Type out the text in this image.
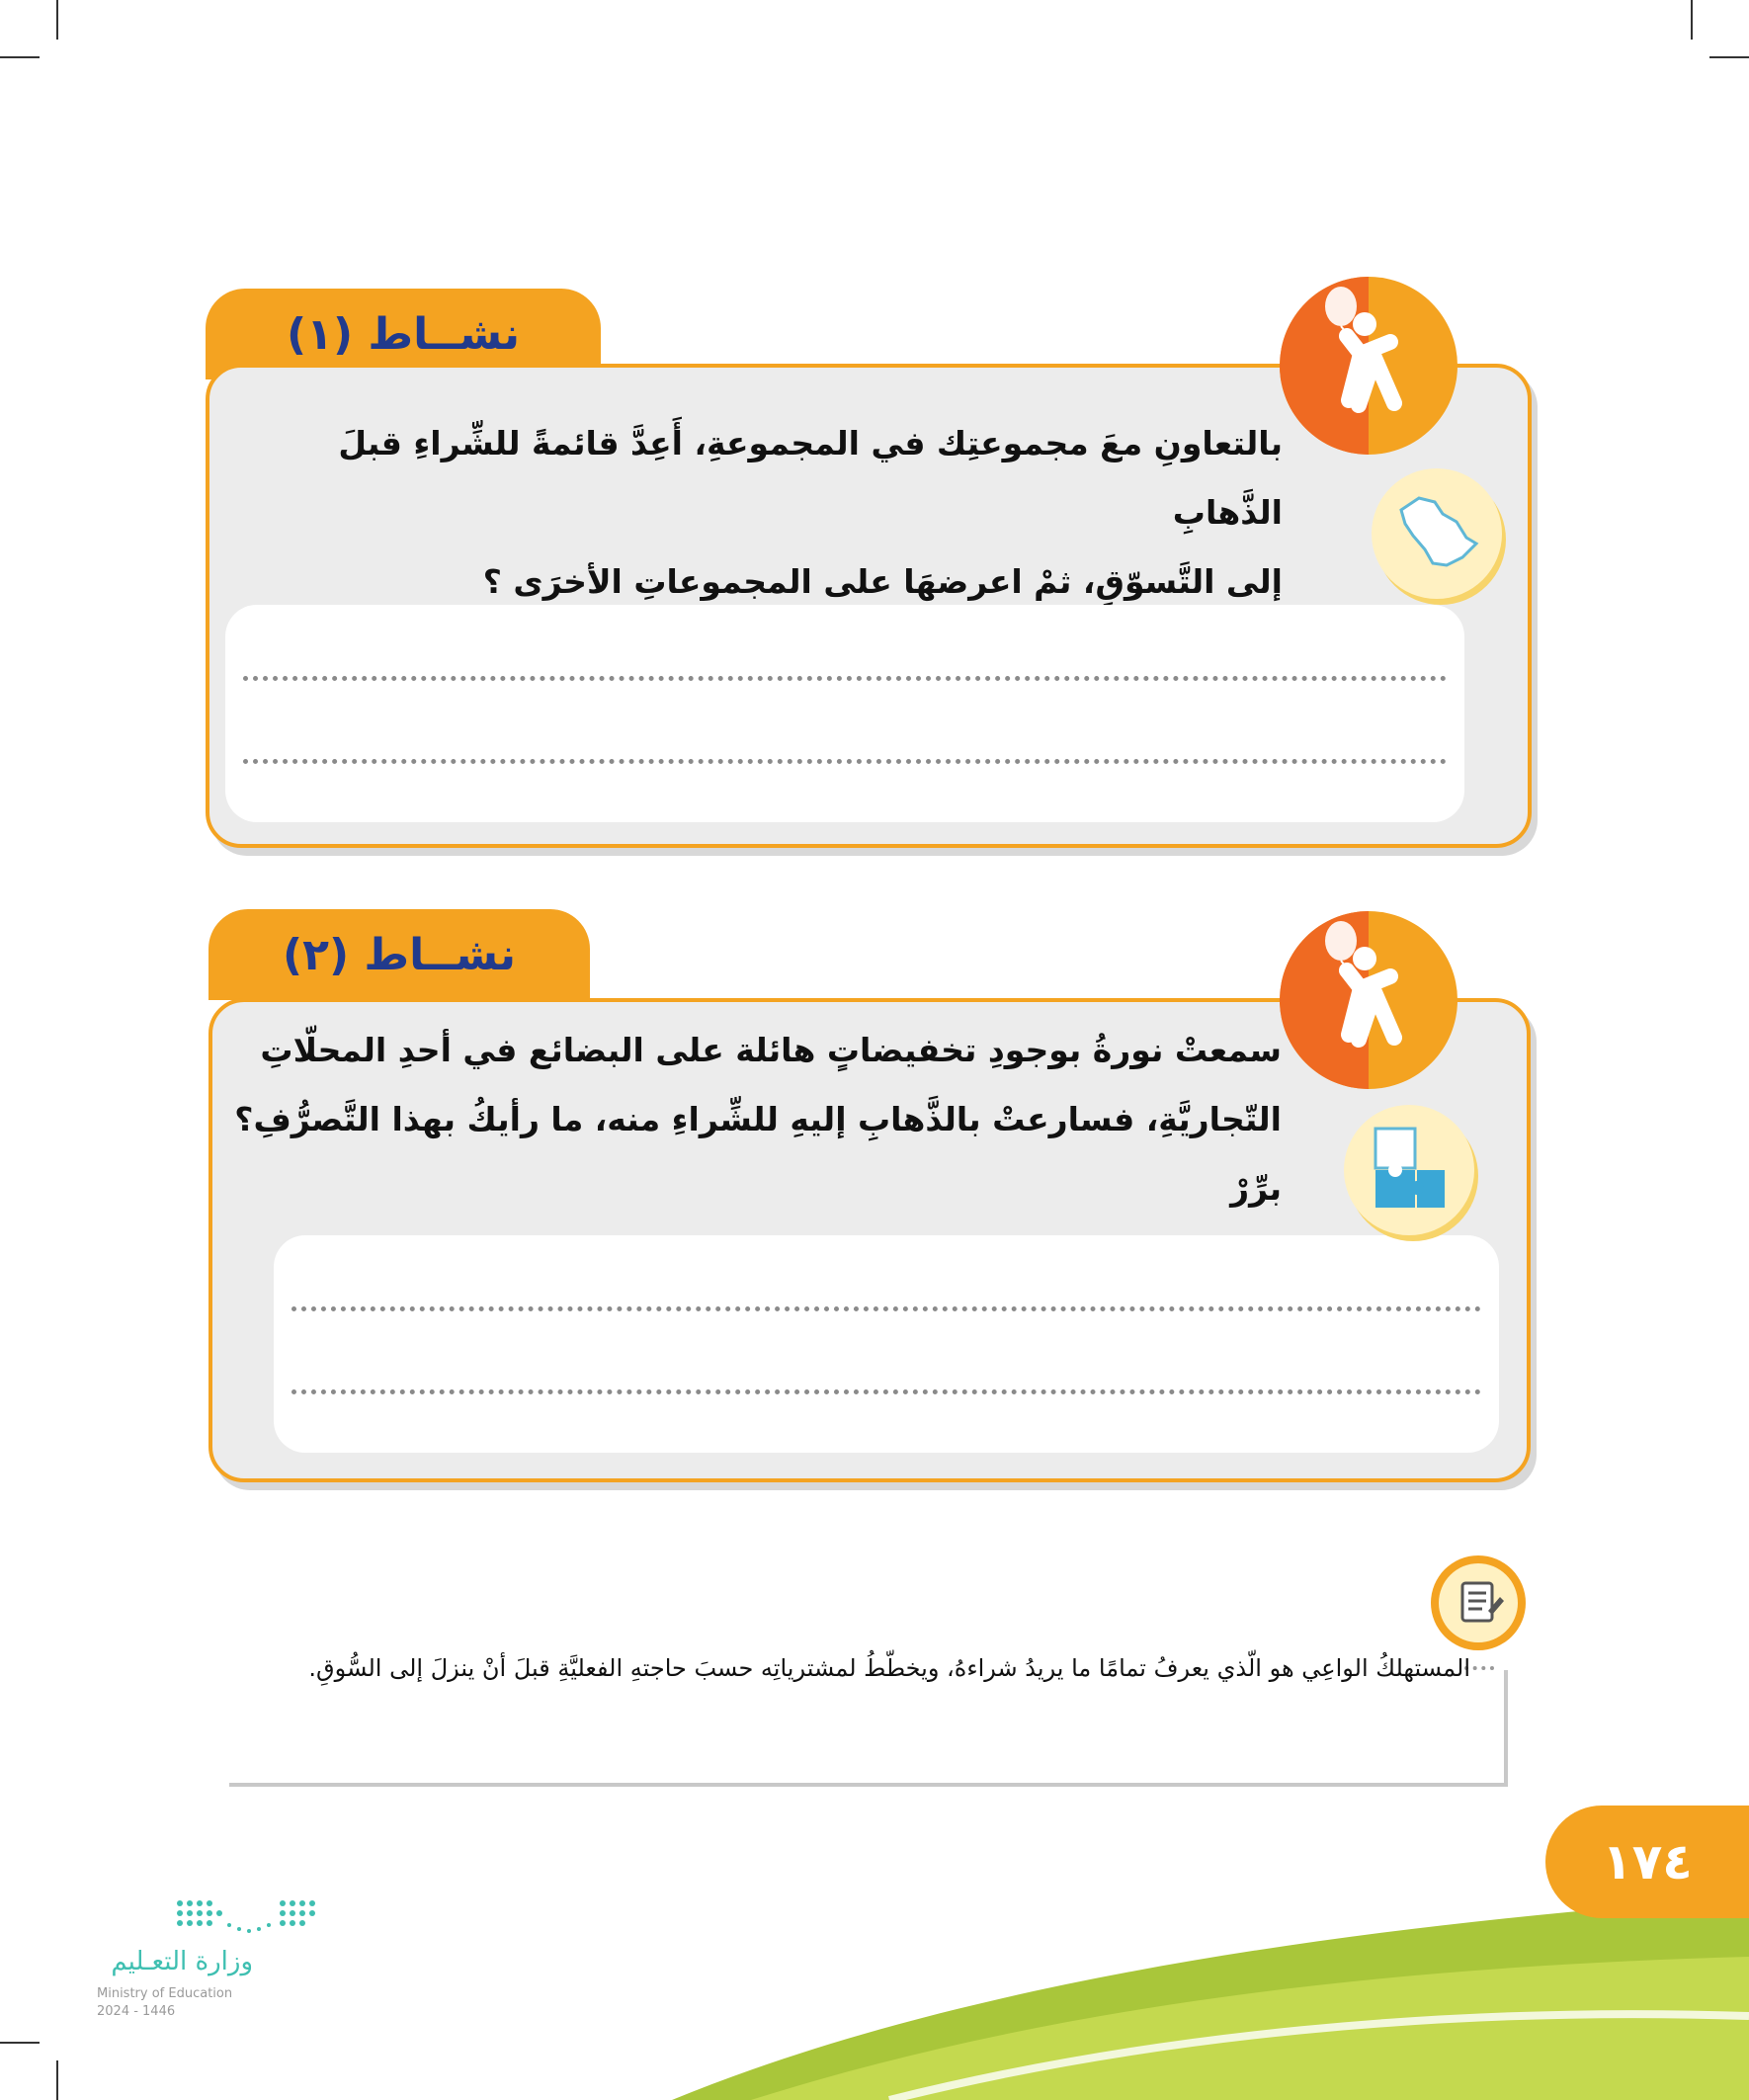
نشــاط (١)
بالتعاونِ معَ مجموعتِك في المجموعةِ، أَعِدَّ قائمةً للشِّراءِ قبلَ الذَّهابِ
إلى التَّسوّقِ، ثمْ اعرضهَا على المجموعاتِ الأخرَى ؟
نشــاط (٢)
سمعتْ نورةُ بوجودِ تخفيضاتٍ هائلة على البضائع في أحدِ المحلّاتِ
التّجاريَّةِ، فسارعتْ بالذَّهابِ إليهِ للشِّراءِ منه، ما رأيكُ بهذا التَّصرُّفِ؟ برِّرْ
المستهلكُ الواعِي هو الّذي يعرفُ تمامًا ما يريدُ شراءهُ، ويخطّطُ لمشترياتِه حسبَ حاجتهِ الفعليَّةِ قبلَ أنْ ينزلَ إلى السُّوقِ.
١٧٤
وزارة التعـليم
Ministry of Education
2024 - 1446
